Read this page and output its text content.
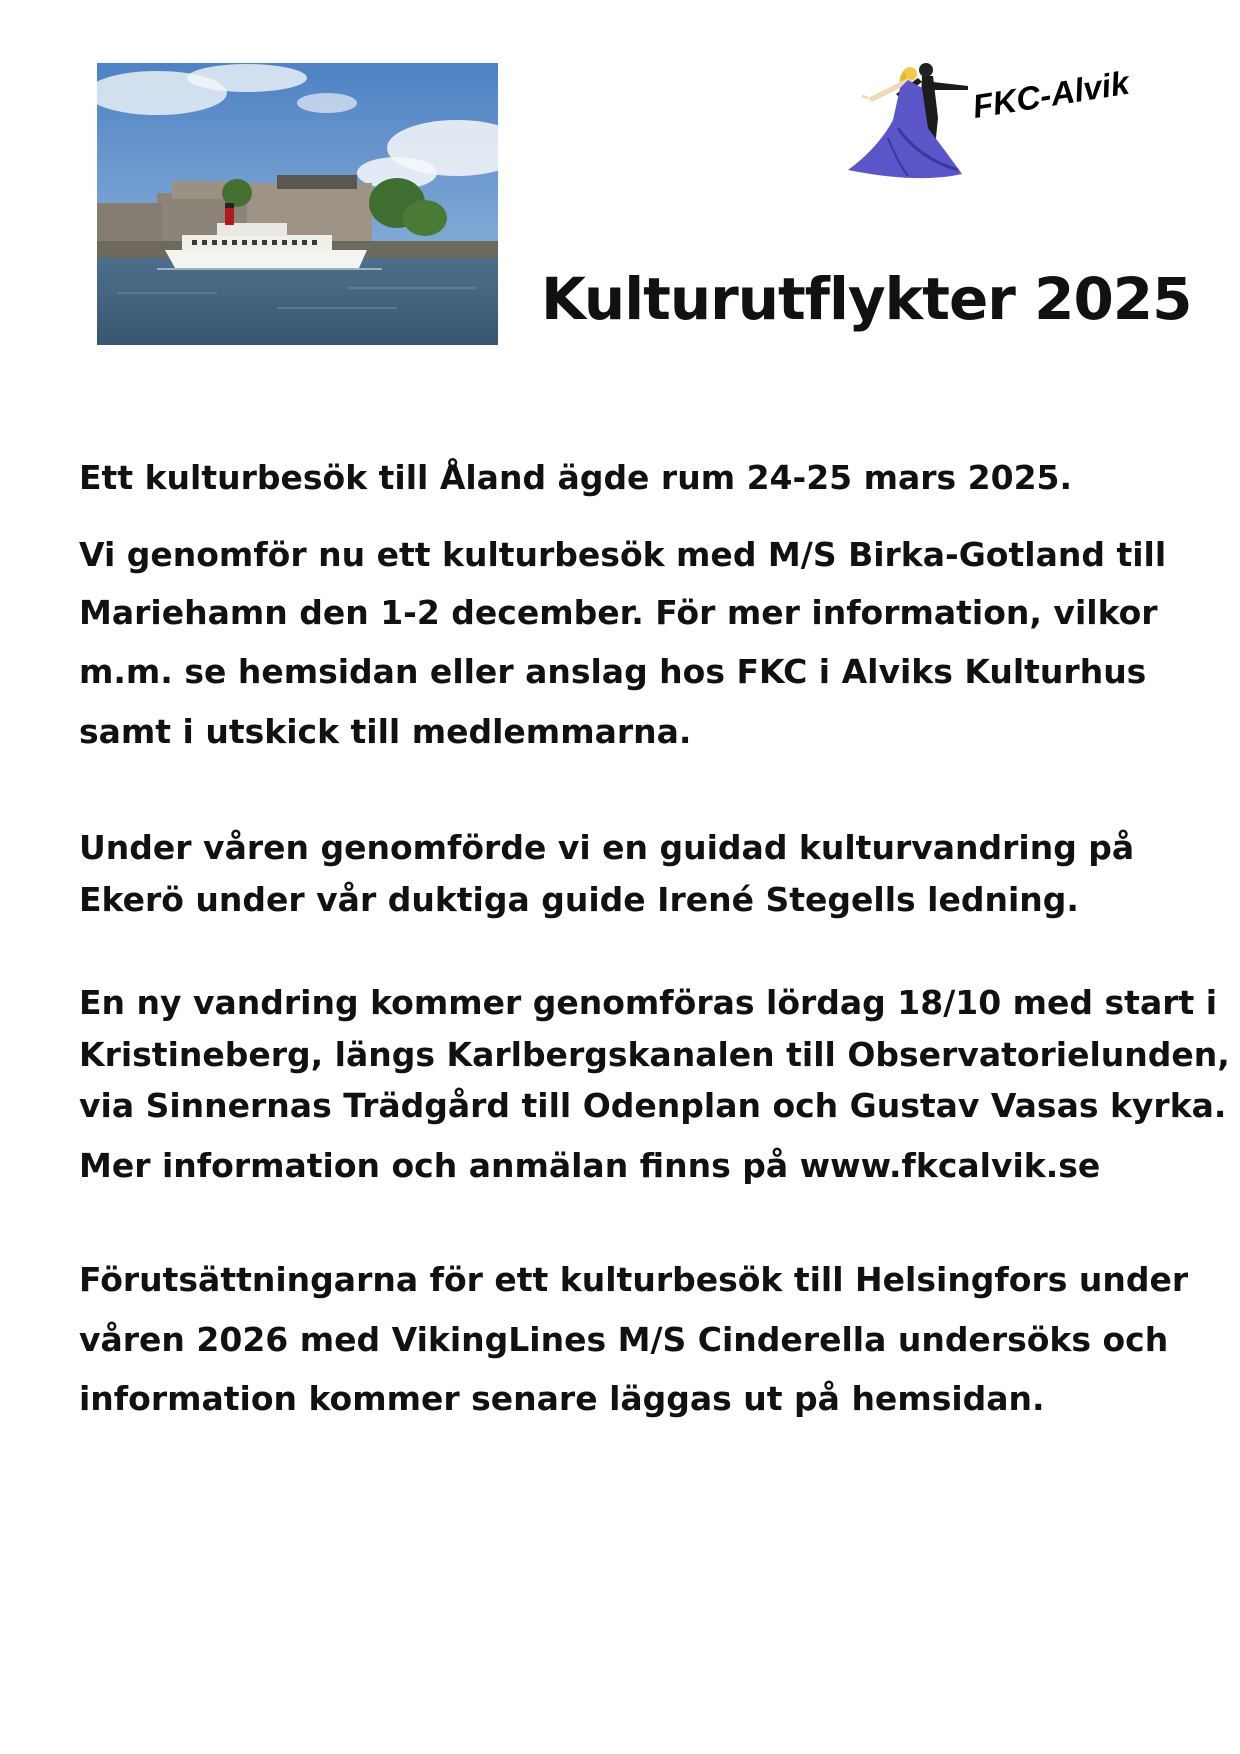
FKC-Alvik
Kulturutflykter 2025
Ett kulturbesök till Åland ägde rum 24-25 mars 2025.
Vi genomför nu ett kulturbesök med M/S Birka-Gotland till
Mariehamn den 1-2 december. För mer information, vilkor
m.m. se hemsidan eller anslag hos FKC i Alviks Kulturhus
samt i utskick till medlemmarna.
Under våren genomförde vi en guidad kulturvandring på
Ekerö under vår duktiga guide Irené Stegells ledning.
En ny vandring kommer genomföras lördag 18/10 med start i
Kristineberg, längs Karlbergskanalen till Observatorielunden,
via Sinnernas Trädgård till Odenplan och Gustav Vasas kyrka.
Mer information och anmälan finns på www.fkcalvik.se
Förutsättningarna för ett kulturbesök till Helsingfors under
våren 2026 med VikingLines M/S Cinderella undersöks och
information kommer senare läggas ut på hemsidan.
